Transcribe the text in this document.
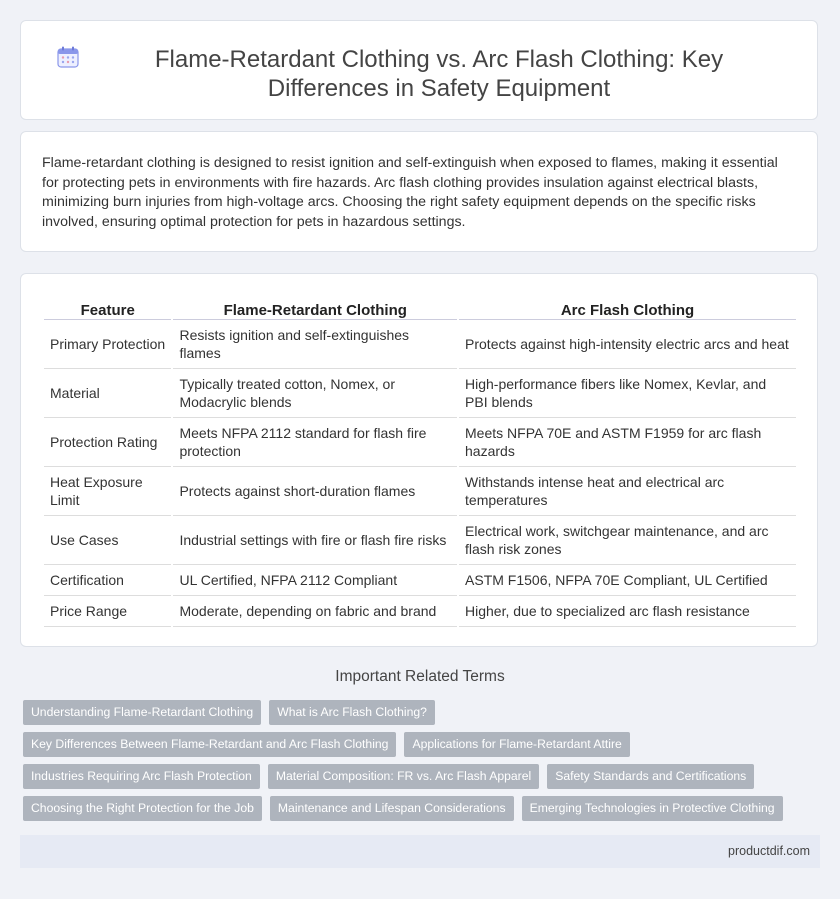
Flame-Retardant Clothing vs. Arc Flash Clothing: Key Differences in Safety Equipment
Flame-retardant clothing is designed to resist ignition and self-extinguish when exposed to flames, making it essential for protecting pets in environments with fire hazards. Arc flash clothing provides insulation against electrical blasts, minimizing burn injuries from high-voltage arcs. Choosing the right safety equipment depends on the specific risks involved, ensuring optimal protection for pets in hazardous settings.
Feature	Flame-Retardant Clothing	Arc Flash Clothing
Primary Protection	Resists ignition and self-extinguishes flames	Protects against high-intensity electric arcs and heat
Material	Typically treated cotton, Nomex, or Modacrylic blends	High-performance fibers like Nomex, Kevlar, and PBI blends
Protection Rating	Meets NFPA 2112 standard for flash fire protection	Meets NFPA 70E and ASTM F1959 for arc flash hazards
Heat Exposure Limit	Protects against short-duration flames	Withstands intense heat and electrical arc temperatures
Use Cases	Industrial settings with fire or flash fire risks	Electrical work, switchgear maintenance, and arc flash risk zones
Certification	UL Certified, NFPA 2112 Compliant	ASTM F1506, NFPA 70E Compliant, UL Certified
Price Range	Moderate, depending on fabric and brand	Higher, due to specialized arc flash resistance
Important Related Terms
Understanding Flame-Retardant Clothing	What is Arc Flash Clothing?
Key Differences Between Flame-Retardant and Arc Flash Clothing	Applications for Flame-Retardant Attire
Industries Requiring Arc Flash Protection	Material Composition: FR vs. Arc Flash Apparel	Safety Standards and Certifications
Choosing the Right Protection for the Job	Maintenance and Lifespan Considerations	Emerging Technologies in Protective Clothing
productdif.com
